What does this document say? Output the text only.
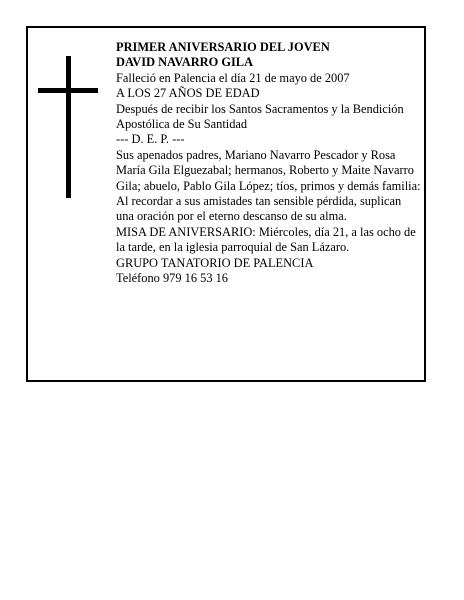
PRIMER ANIVERSARIO DEL JOVEN

DAVID NAVARRO GILA

Falleció en Palencia el día 21 de mayo de 2007

A LOS 27 AÑOS DE EDAD

Después de recibir los Santos Sacramentos y la Bendición Apostólica de Su Santidad

--- D. E. P. ---

Sus apenados padres, Mariano Navarro Pescador y Rosa María Gila Elguezabal; hermanos, Roberto y Maite Navarro Gila; abuelo, Pablo Gila López; tíos, primos y demás familia:

Al recordar a sus amistades tan sensible pérdida, suplican una oración por el eterno descanso de su alma.

MISA DE ANIVERSARIO: Miércoles, día 21, a las ocho de la tarde, en la iglesia parroquial de San Lázaro.

GRUPO TANATORIO DE PALENCIA

Teléfono 979 16 53 16
